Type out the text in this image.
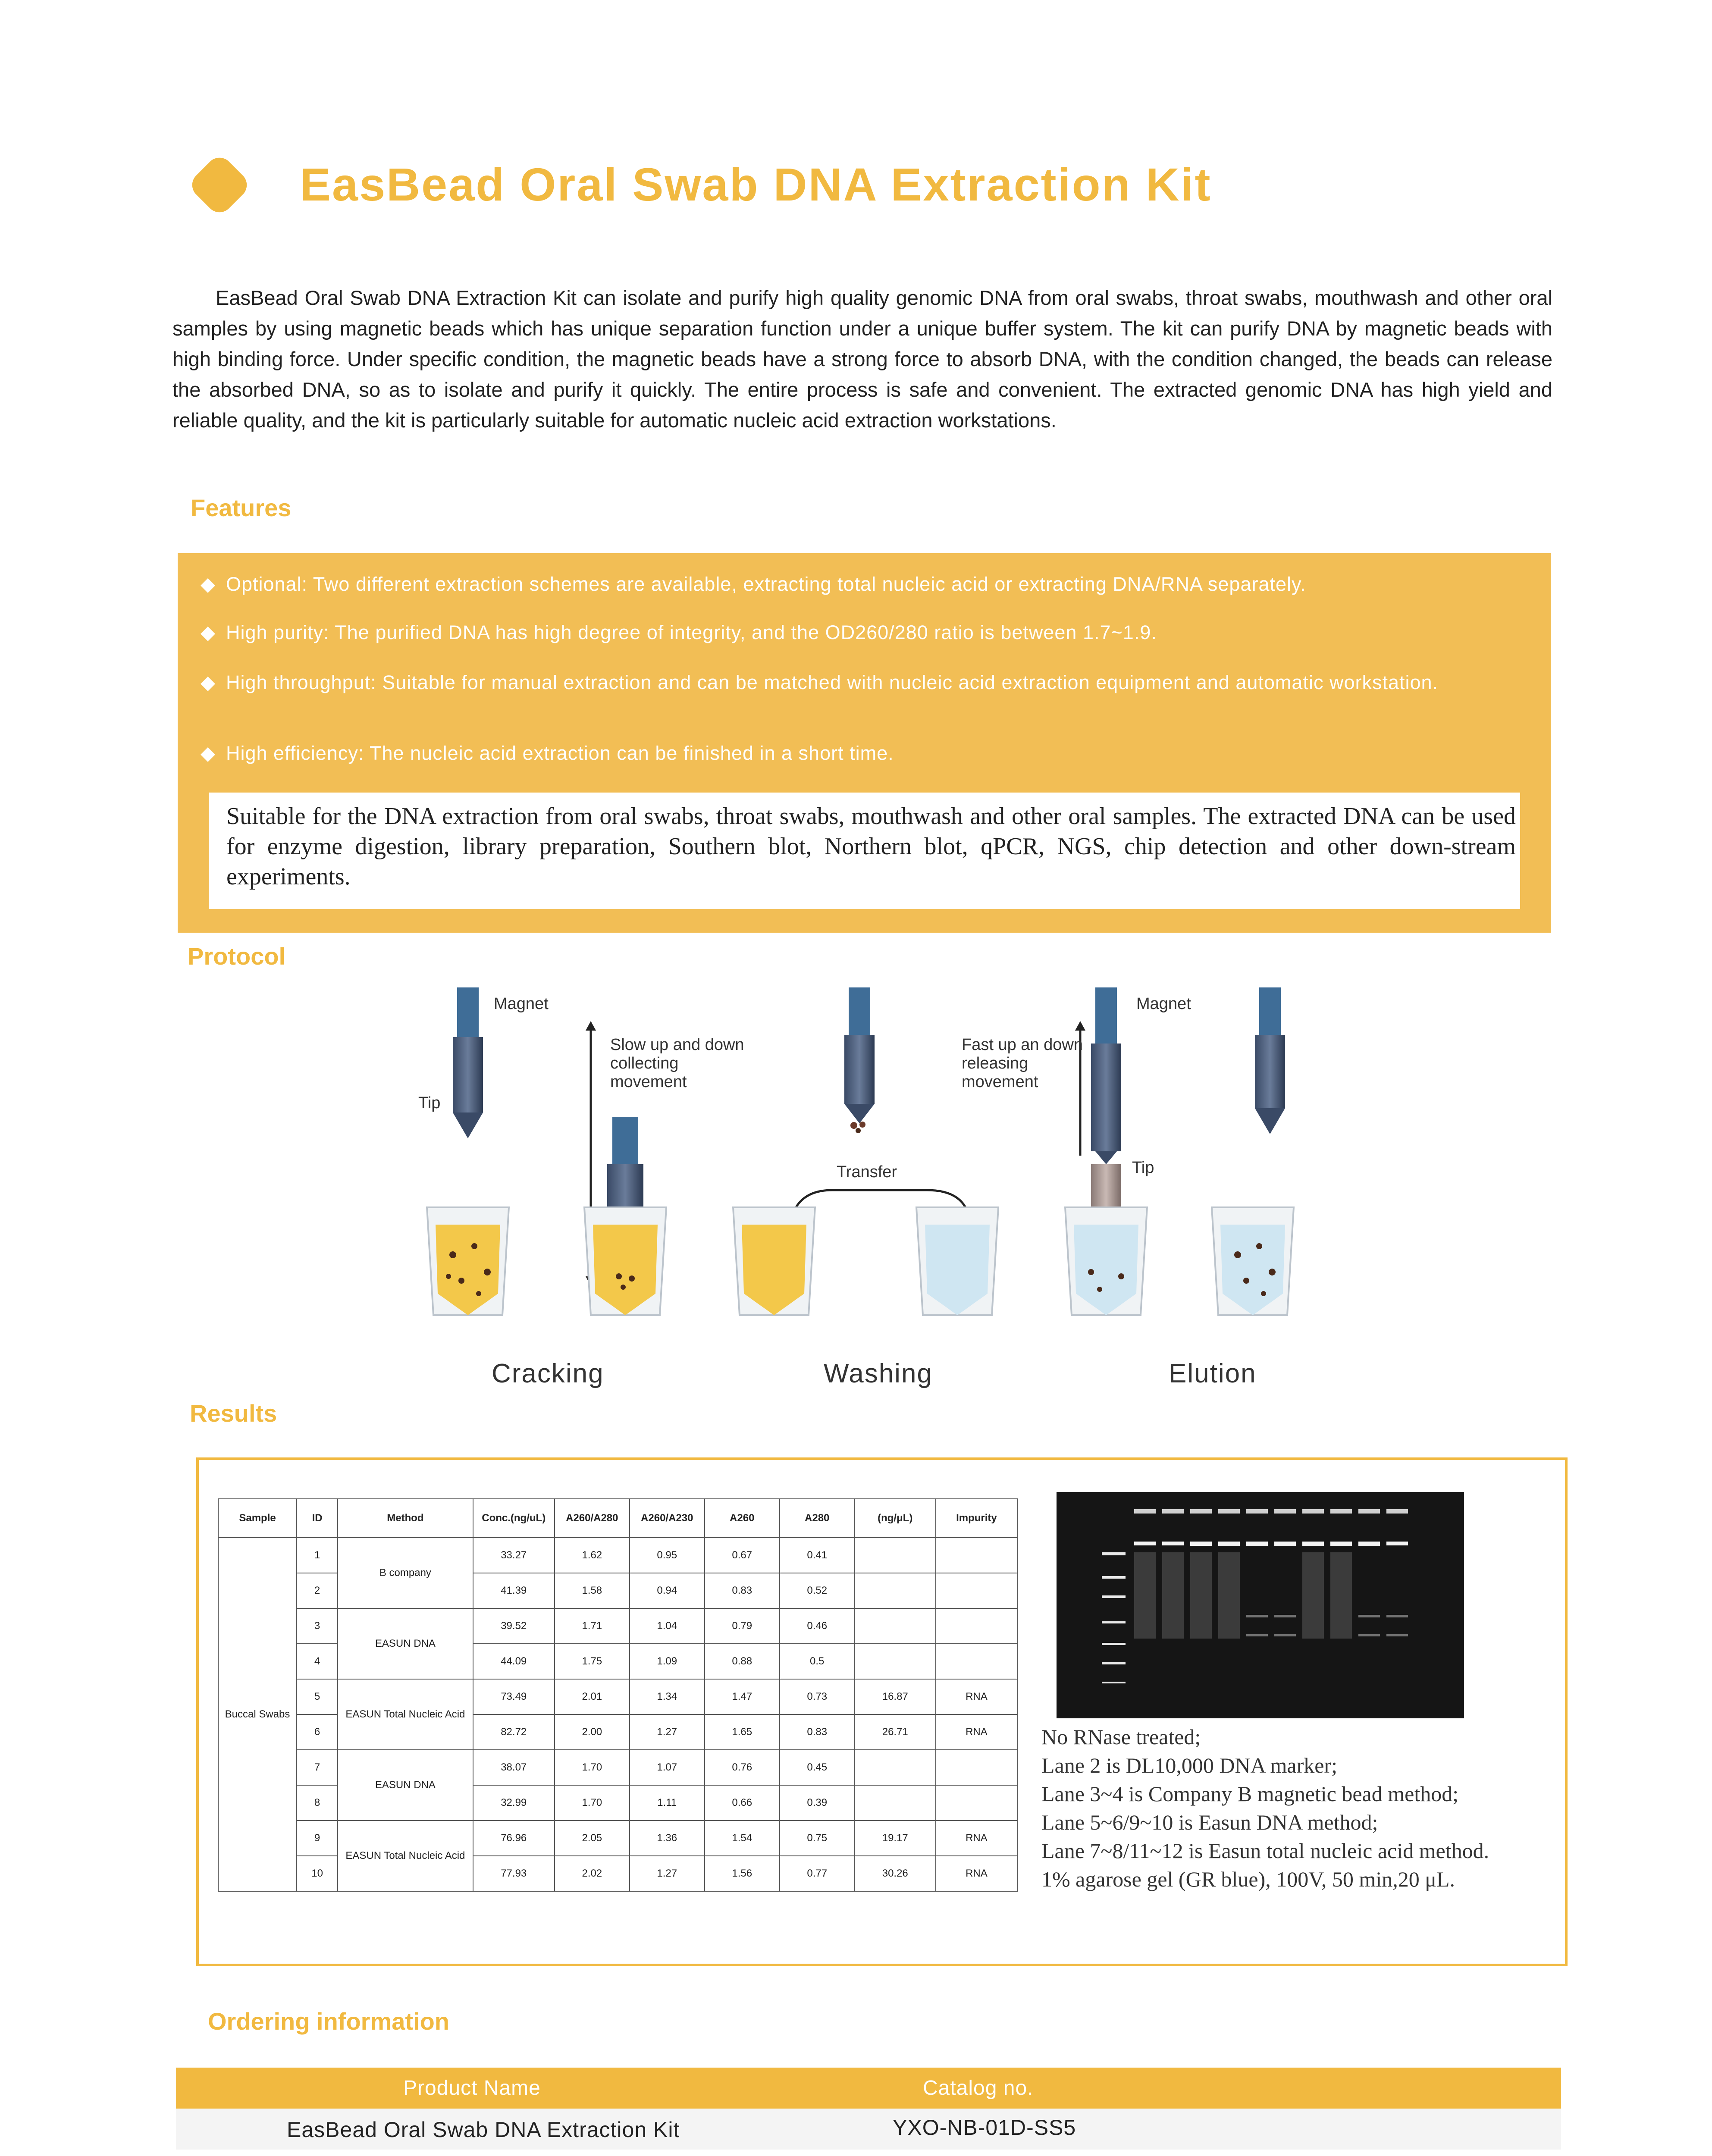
EasBead Oral Swab DNA Extraction Kit
EasBead Oral Swab DNA Extraction Kit can isolate and purify high quality genomic DNA from oral swabs, throat swabs, mouthwash and other oral samples by using magnetic beads which has unique separation function under a unique buffer system. The kit can purify DNA by magnetic beads with high binding force. Under specific condition, the magnetic beads have a strong force to absorb DNA, with the condition changed, the beads can release the absorbed DNA, so as to isolate and purify it quickly. The entire process is safe and convenient. The extracted genomic DNA has high yield and reliable quality, and the kit is particularly suitable for automatic nucleic acid extraction workstations.
Features
Optional: Two different extraction schemes are available, extracting total nucleic acid or extracting DNA/RNA separately.
High purity: The purified DNA has high degree of integrity, and the OD260/280 ratio is between 1.7~1.9.
High throughput: Suitable for manual extraction and can be matched with nucleic acid extraction equipment and automatic workstation.
High efficiency: The nucleic acid extraction can be finished in a short time.
Suitable for the DNA extraction from oral swabs, throat swabs, mouthwash and other oral samples. The extracted DNA can be used for enzyme digestion, library preparation, Southern blot, Northern blot, qPCR, NGS, chip detection and other down-stream experiments.
Protocol
Magnet
Tip
Slow up and down
collecting
movement
Transfer
Fast up an down
releasing
movement
Magnet
Tip
Cracking	Washing	Elution
Results
Sample	ID	Method	Conc.(ng/uL)	A260/A280	A260/A230	A260	A280	(ng/μL)	Impurity
Buccal Swabs	1	B company	33.27	1.62	0.95	0.67	0.41		
	2		41.39	1.58	0.94	0.83	0.52		
	3	EASUN DNA	39.52	1.71	1.04	0.79	0.46		
	4		44.09	1.75	1.09	0.88	0.5		
	5	EASUN Total Nucleic Acid	73.49	2.01	1.34	1.47	0.73	16.87	RNA
	6		82.72	2.00	1.27	1.65	0.83	26.71	RNA
	7	EASUN DNA	38.07	1.70	1.07	0.76	0.45		
	8		32.99	1.70	1.11	0.66	0.39		
	9	EASUN Total Nucleic Acid	76.96	2.05	1.36	1.54	0.75	19.17	RNA
	10		77.93	2.02	1.27	1.56	0.77	30.26	RNA
No RNase treated;
Lane 2 is DL10,000 DNA marker;
Lane 3~4 is Company B magnetic bead method;
Lane 5~6/9~10 is Easun DNA method;
Lane 7~8/11~12 is Easun total nucleic acid method.
1% agarose gel (GR blue), 100V, 50 min,20 μL.
Ordering information
Product Name	Catalog no.
EasBead Oral Swab DNA Extraction Kit	YXO-NB-01D-SS5
